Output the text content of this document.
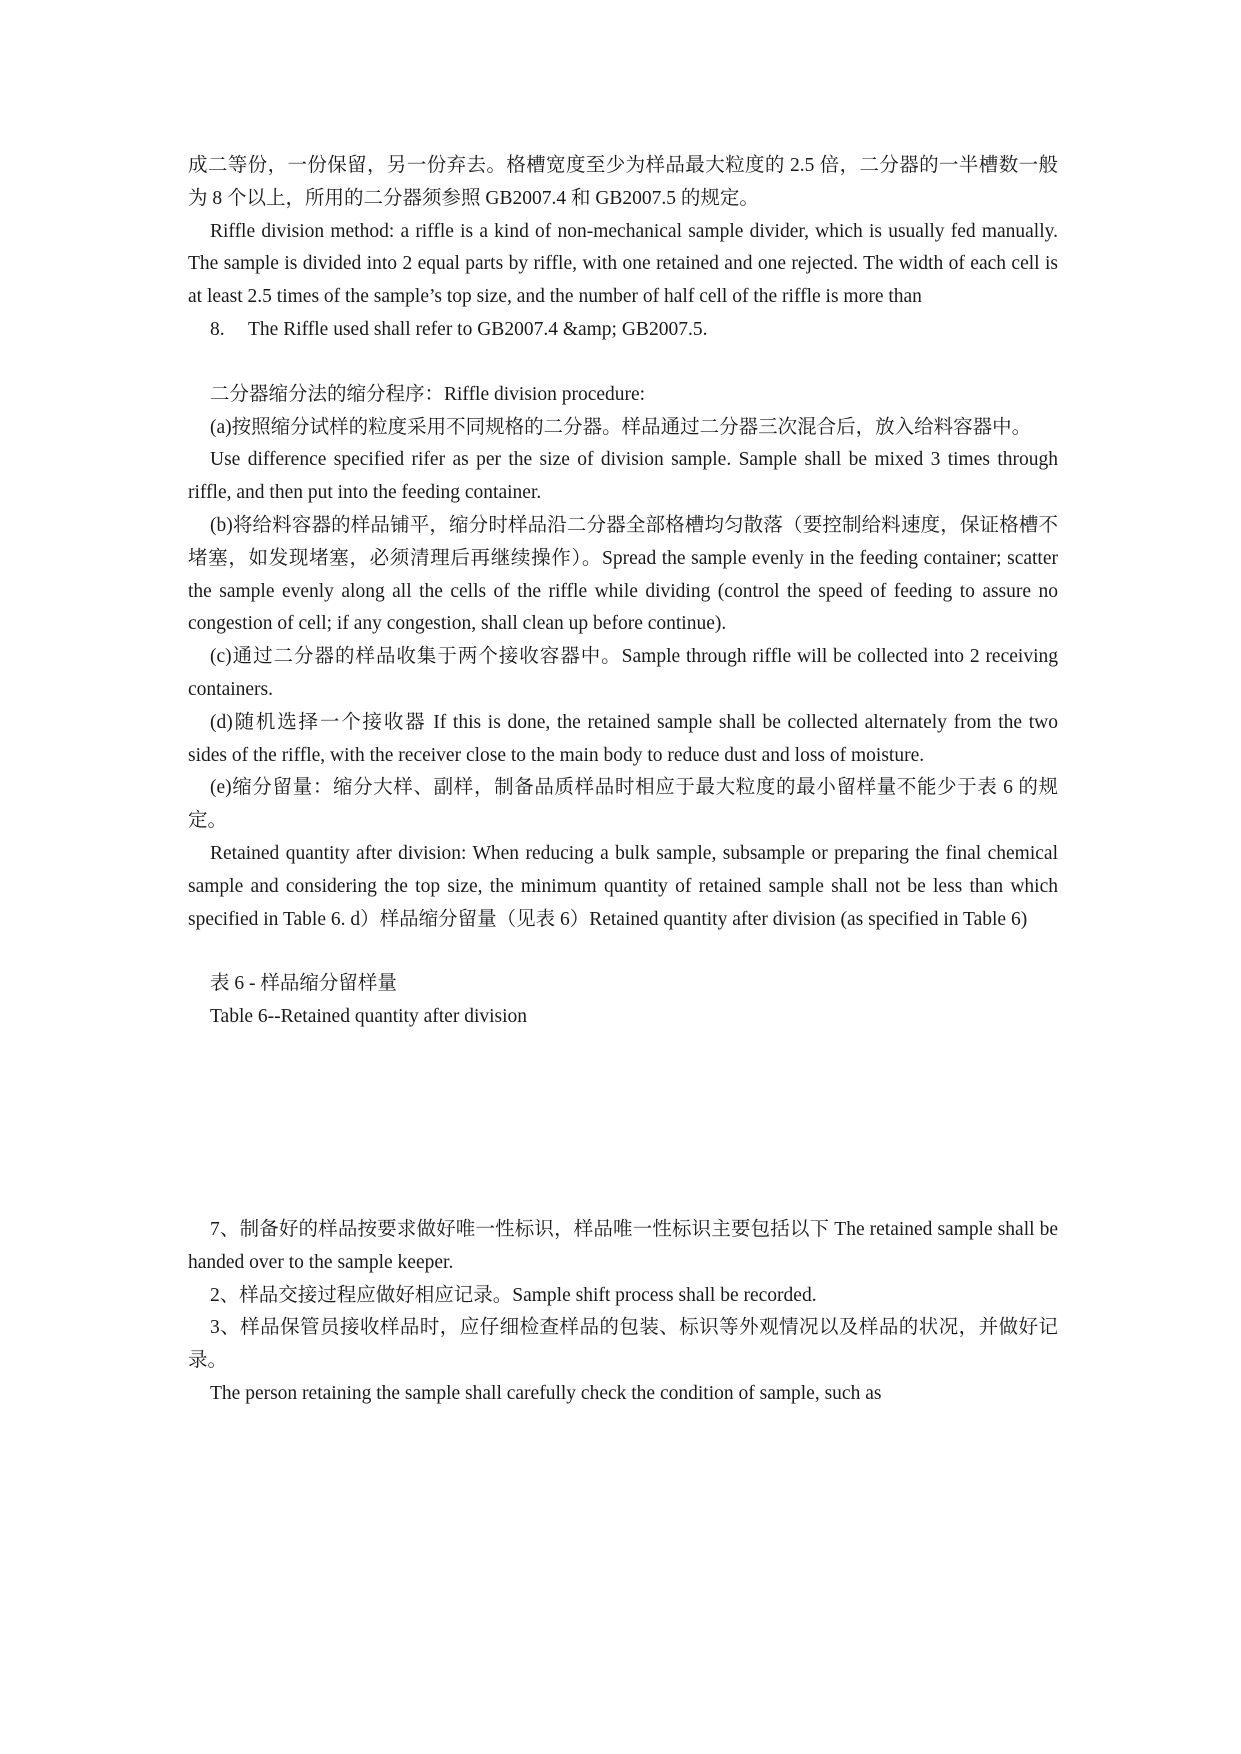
成二等份，一份保留，另一份弃去。格槽宽度至少为样品最大粒度的 2.5 倍，二分器的一半槽数一般为 8 个以上，所用的二分器须参照 GB2007.4 和 GB2007.5 的规定。

Riffle division method: a riffle is a kind of non-mechanical sample divider, which is usually fed manually. The sample is divided into 2 equal parts by riffle, with one retained and one rejected. The width of each cell is at least 2.5 times of the sample’s top size, and the number of half cell of the riffle is more than

8. The Riffle used shall refer to GB2007.4 &amp; GB2007.5.

二分器缩分法的缩分程序：Riffle division procedure:

(a)按照缩分试样的粒度采用不同规格的二分器。样品通过二分器三次混合后，放入给料容器中。

Use difference specified rifer as per the size of division sample. Sample shall be mixed 3 times through riffle, and then put into the feeding container.

(b)将给料容器的样品铺平，缩分时样品沿二分器全部格槽均匀散落（要控制给料速度，保证格槽不堵塞，如发现堵塞，必须清理后再继续操作）。Spread the sample evenly in the feeding container; scatter the sample evenly along all the cells of the riffle while dividing (control the speed of feeding to assure no congestion of cell; if any congestion, shall clean up before continue).

(c)通过二分器的样品收集于两个接收容器中。Sample through riffle will be collected into 2 receiving containers.

(d)随机选择一个接收器 If this is done, the retained sample shall be collected alternately from the two sides of the riffle, with the receiver close to the main body to reduce dust and loss of moisture.

(e)缩分留量：缩分大样、副样，制备品质样品时相应于最大粒度的最小留样量不能少于表 6 的规定。

Retained quantity after division: When reducing a bulk sample, subsample or preparing the final chemical sample and considering the top size, the minimum quantity of retained sample shall not be less than which specified in Table 6. d）样品缩分留量（见表 6）Retained quantity after division (as specified in Table 6)

表 6 - 样品缩分留样量

Table 6--Retained quantity after division

7、制备好的样品按要求做好唯一性标识，样品唯一性标识主要包括以下 The retained sample shall be handed over to the sample keeper.

2、样品交接过程应做好相应记录。Sample shift process shall be recorded.

3、样品保管员接收样品时，应仔细检查样品的包装、标识等外观情况以及样品的状况，并做好记录。

The person retaining the sample shall carefully check the condition of sample, such as
